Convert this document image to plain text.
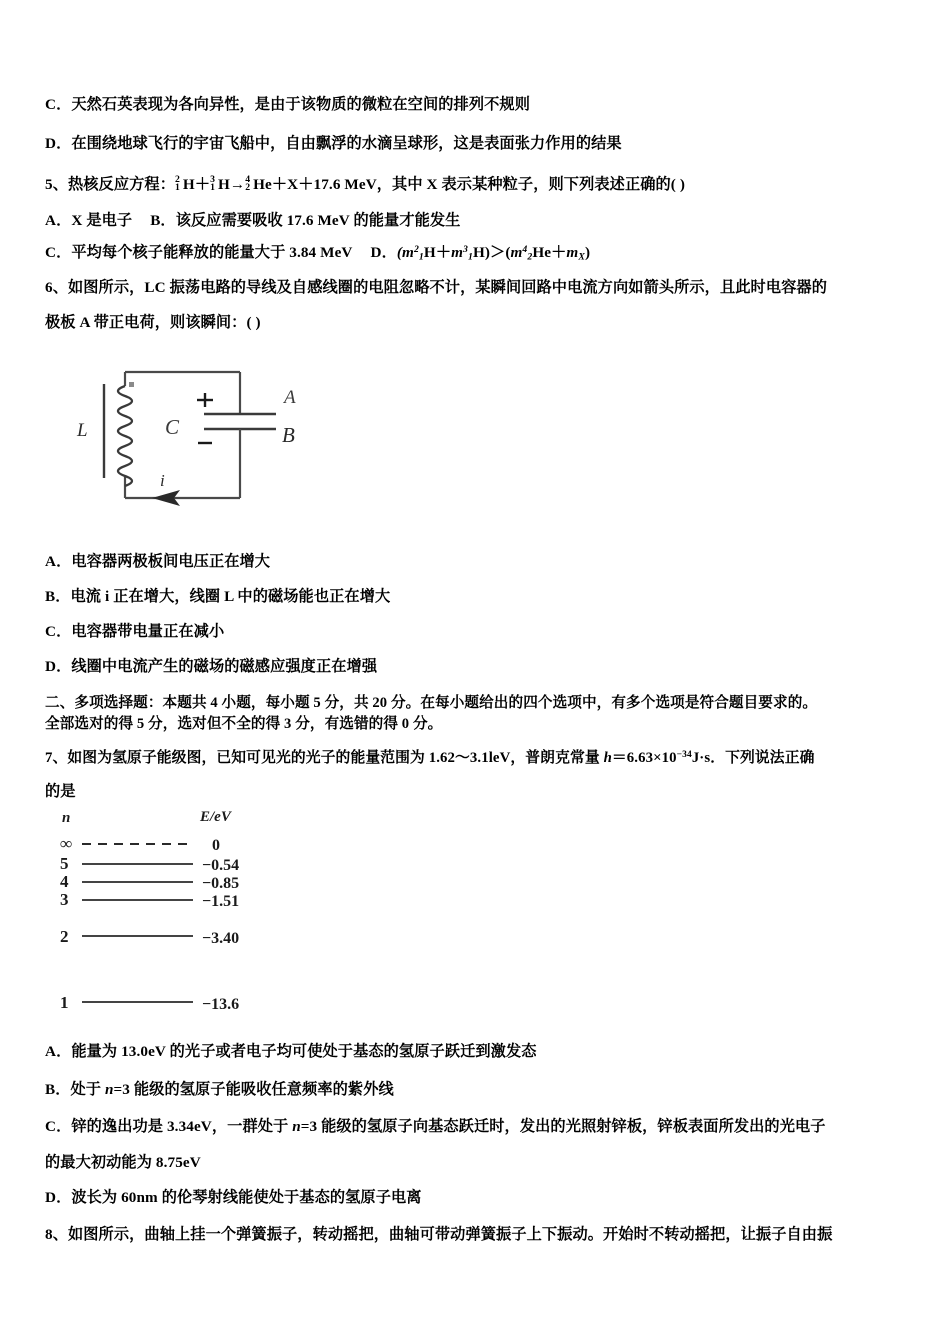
C．天然石英表现为各向异性，是由于该物质的微粒在空间的排列不规则
D．在围绕地球飞行的宇宙飞船中，自由飘浮的水滴呈球形，这是表面张力作用的结果
5、热核反应方程： 2
1 H＋ 3
1 H→ 4
2 He＋X＋17.6 MeV，其中 X 表示某种粒子，则下列表述正确的( )
A．X 是电子 B．该反应需要吸收 17.6 MeV 的能量才能发生
C．平均每个核子能释放的能量大于 3.84 MeV D．$(m^2_1H+m^3_1H)>(m^4_2He+m_X)$
6、如图所示，LC 振荡电路的导线及自感线圈的电阻忽略不计，某瞬间回路中电流方向如箭头所示，且此时电容器的
极板 A 带正电荷，则该瞬间：( )
L	C
A
B
i
A．电容器两极板间电压正在增大
B．电流 i 正在增大，线圈 L 中的磁场能也正在增大
C．电容器带电量正在减小
D．线圈中电流产生的磁场的磁感应强度正在增强
二、多项选择题：本题共 4 小题，每小题 5 分，共 20 分。在每小题给出的四个选项中，有多个选项是符合题目要求的。
全部选对的得 5 分，选对但不全的得 3 分，有选错的得 0 分。
7、如图为氢原子能级图，已知可见光的光子的能量范围为 1.62～3.1leV，普朗克常量 $h=6.63\times 10^{-34}J\cdot s$．下列说法正确
的是
n	E/eV
∞	0
5	−0.54
4	−0.85
3	−1.51
2	−3.40
1	−13.6
A．能量为 13.0eV 的光子或者电子均可使处于基态的氢原子跃迁到激发态
B．处于 n=3 能级的氢原子能吸收任意频率的紫外线
C．锌的逸出功是 3.34eV，一群处于 n=3 能级的氢原子向基态跃迁时，发出的光照射锌板，锌板表面所发出的光电子
的最大初动能为 8.75eV
D．波长为 60nm 的伦琴射线能使处于基态的氢原子电离
8、如图所示，曲轴上挂一个弹簧振子，转动摇把，曲轴可带动弹簧振子上下振动。开始时不转动摇把，让振子自由振
